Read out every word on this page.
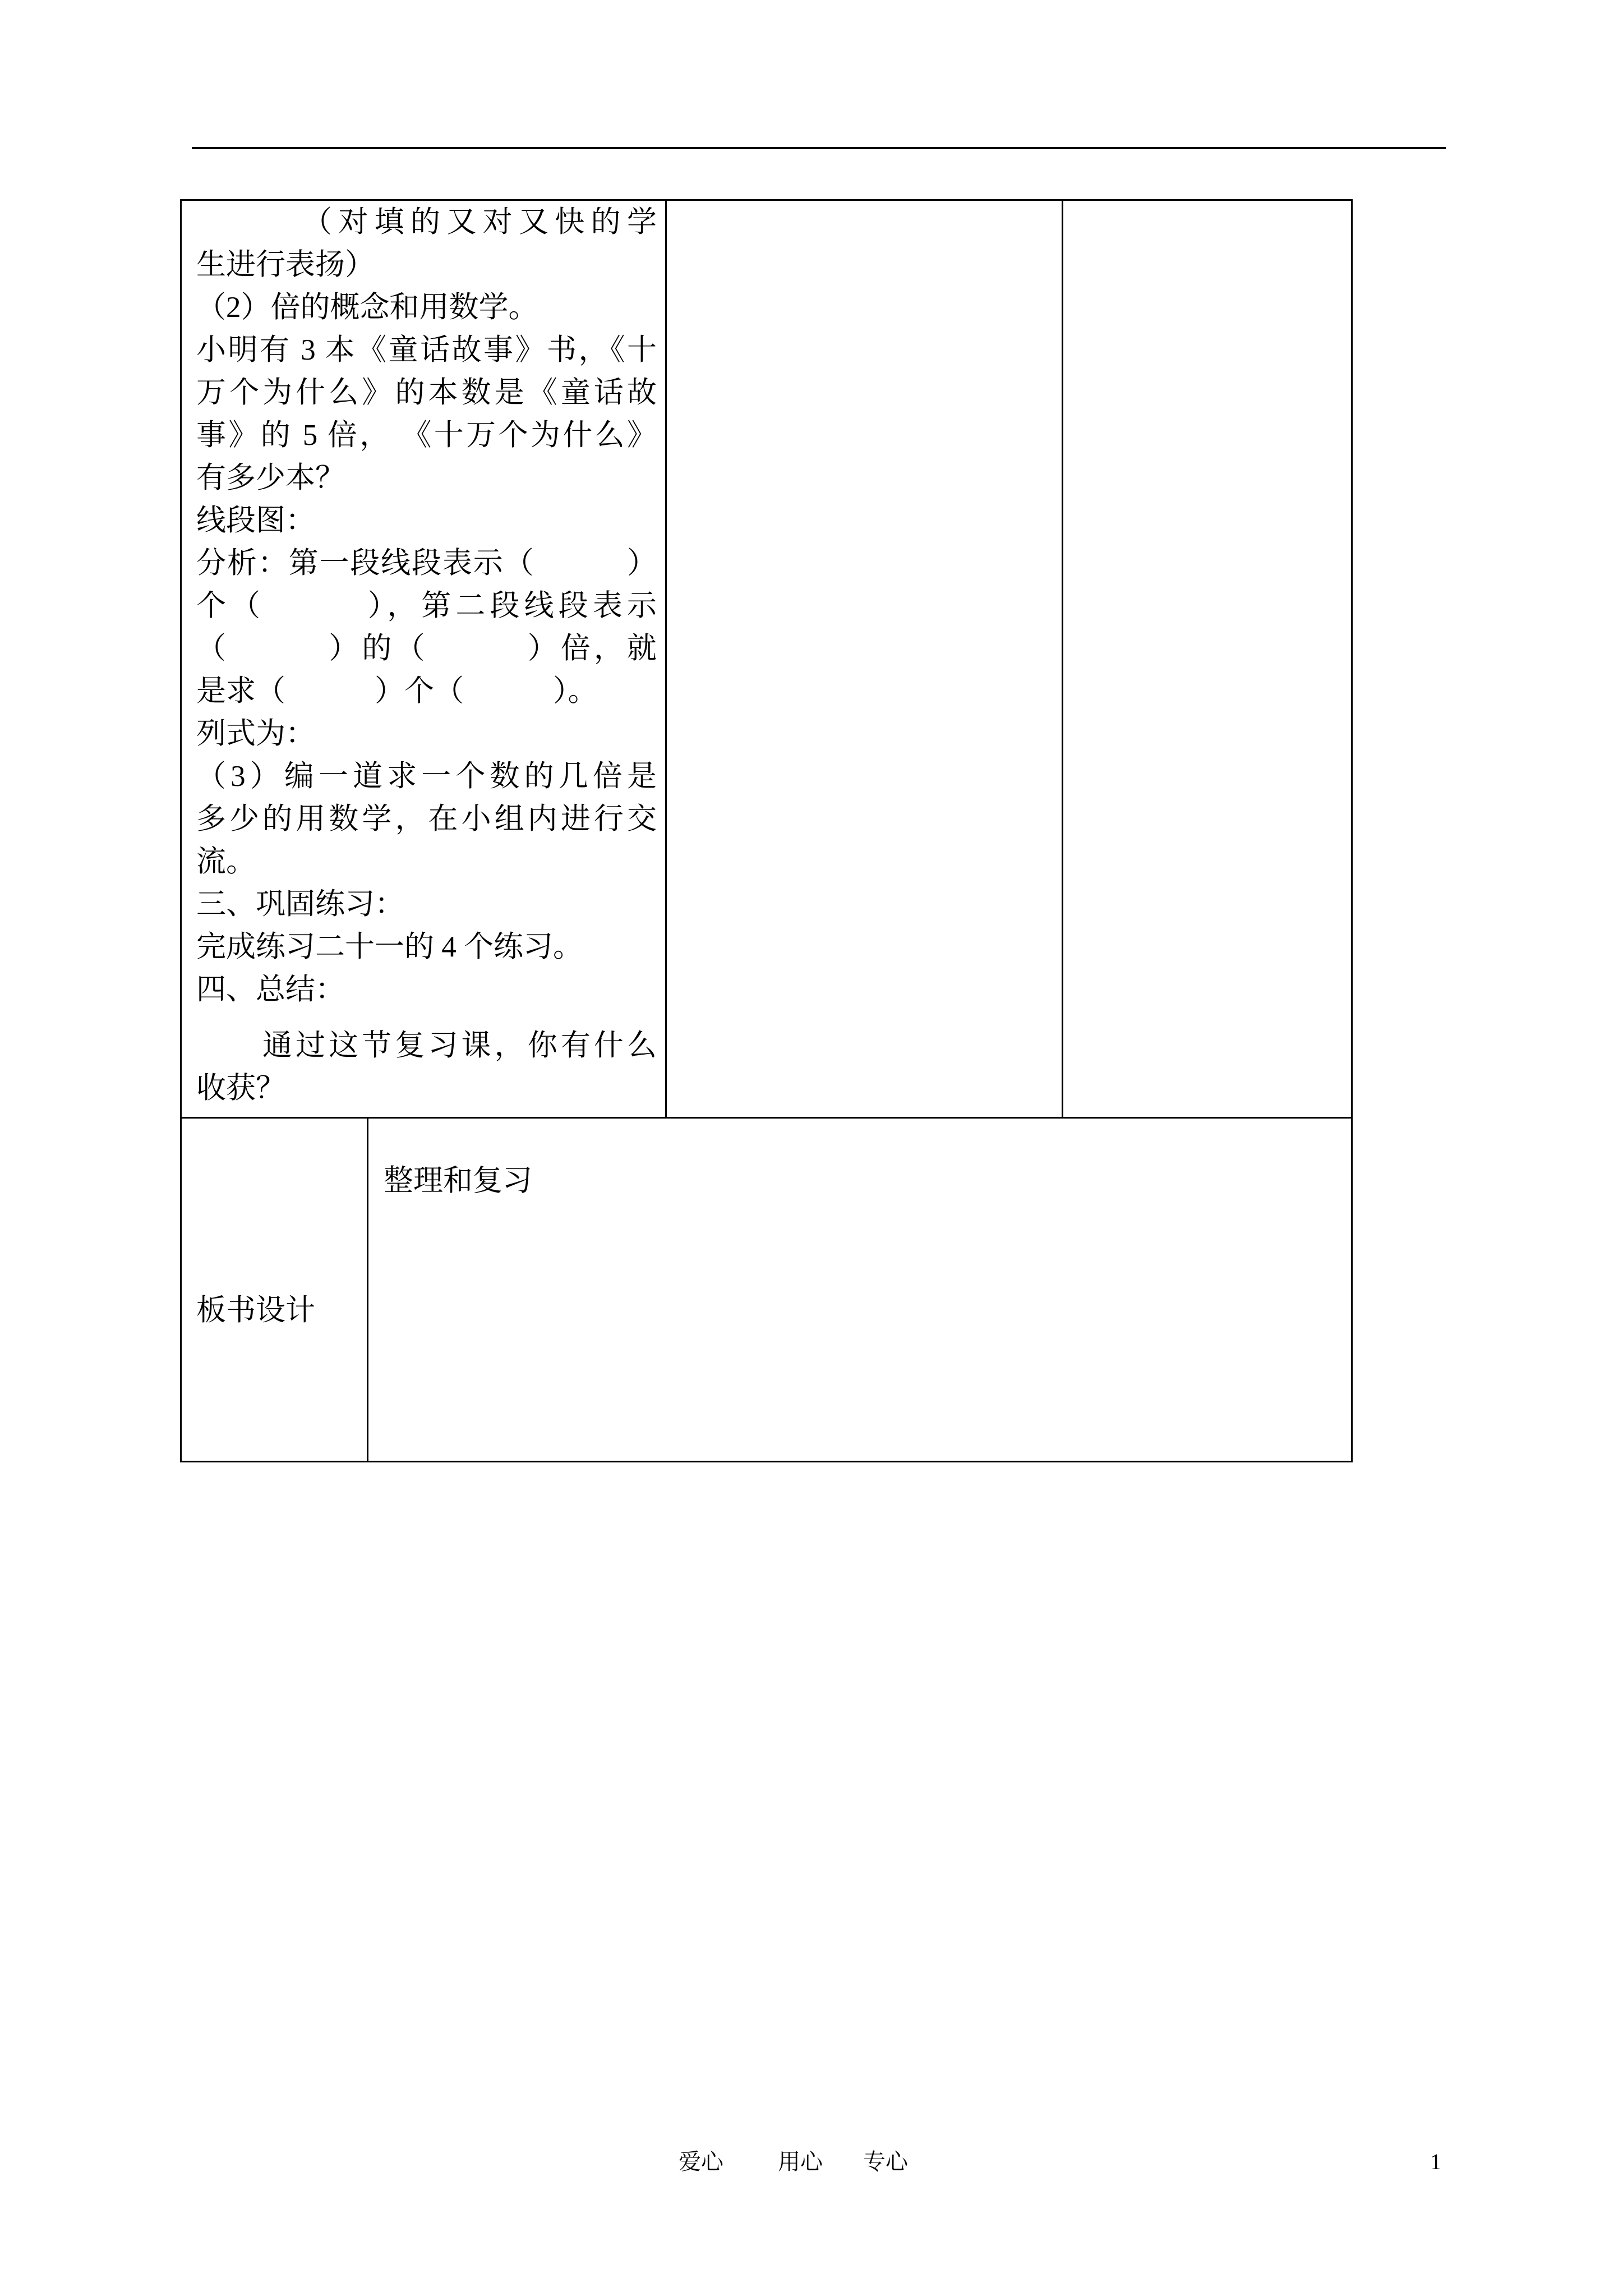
（对填的又对又快的学
生进行表扬）
（2）倍的概念和用数学。
小明有 3 本《童话故事》书，《十
万个为什么》的本数是《童话故
事》的 5 倍， 《十万个为什么》
有多少本？
线段图：
分析：第一段线段表示（　　　）
个（　　　），第二段线段表示
（　　　）的（　　　）倍，就
是求（　　　）个（　　　）。
列式为：
（3）编一道求一个数的几倍是
多少的用数学，在小组内进行交
流。
三、巩固练习：
完成练习二十一的 4 个练习。
四、总结：
通过这节复习课，你有什么
收获？
板书设计
整理和复习
爱心 用心 专心	1
